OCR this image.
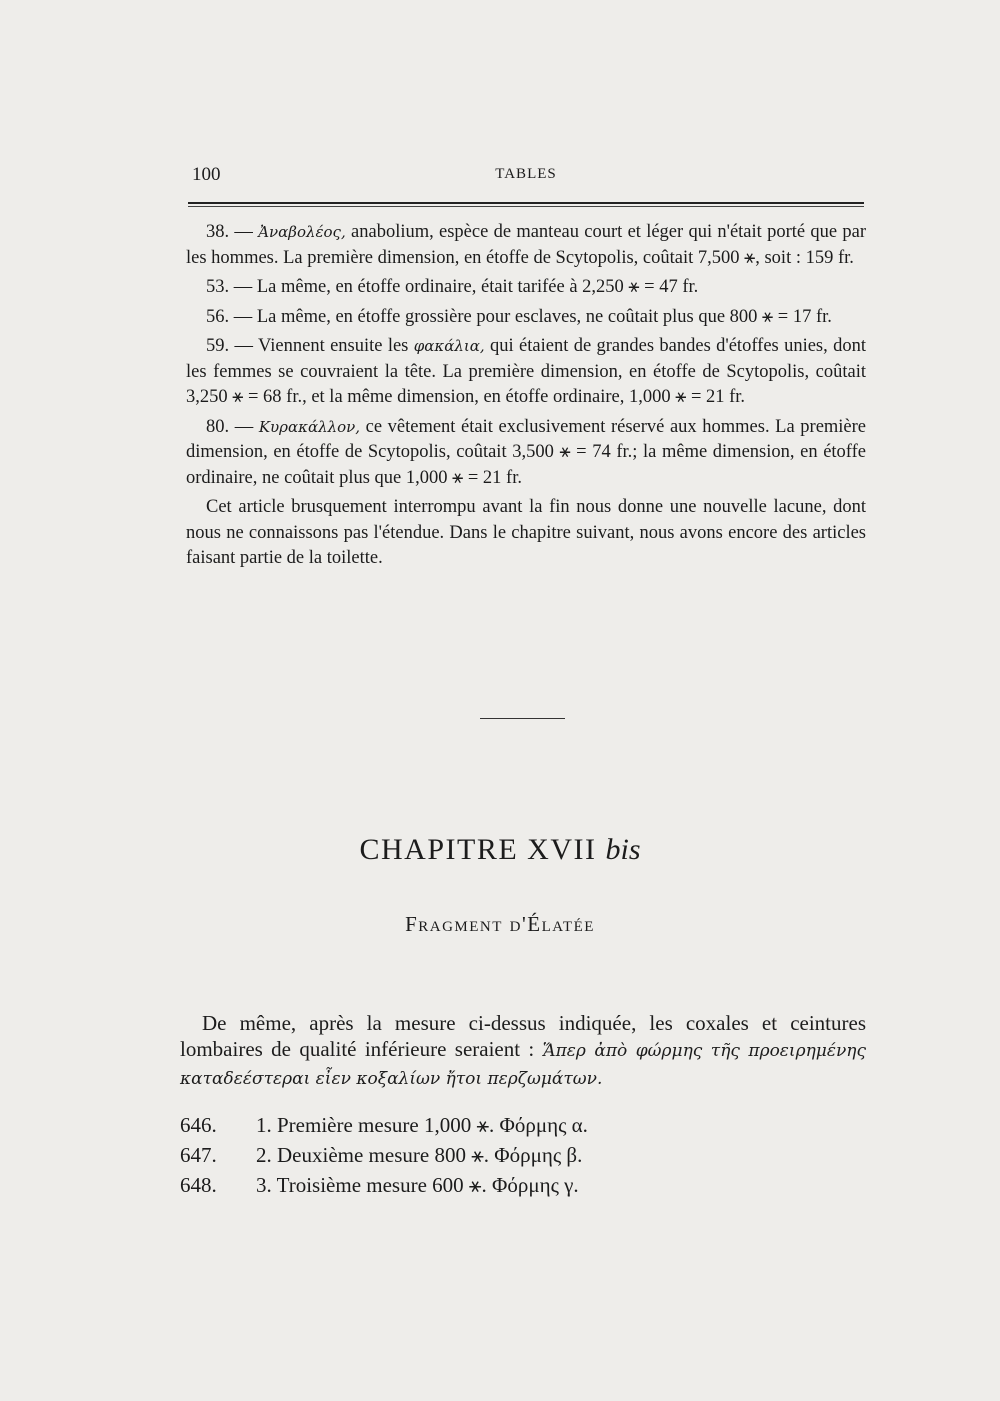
100	TABLES

38. — Ἀναβολέος, anabolium, espèce de manteau court et léger qui n'était porté que par les hommes. La première dimension, en étoffe de Scytopolis, coûtait 7,500 ⚹, soit : 159 fr.

53. — La même, en étoffe ordinaire, était tarifée à 2,250 ⚹ = 47 fr.

56. — La même, en étoffe grossière pour esclaves, ne coûtait plus que 800 ⚹ = 17 fr.

59. — Viennent ensuite les φακάλια, qui étaient de grandes bandes d'étoffes unies, dont les femmes se couvraient la tête. La première dimension, en étoffe de Scytopolis, coûtait 3,250 ⚹ = 68 fr., et la même dimension, en étoffe ordinaire, 1,000 ⚹ = 21 fr.

80. — Κυρακάλλον, ce vêtement était exclusivement réservé aux hommes. La première dimension, en étoffe de Scytopolis, coûtait 3,500 ⚹ = 74 fr.; la même dimension, en étoffe ordinaire, ne coûtait plus que 1,000 ⚹ = 21 fr.

Cet article brusquement interrompu avant la fin nous donne une nouvelle lacune, dont nous ne connaissons pas l'étendue. Dans le chapitre suivant, nous avons encore des articles faisant partie de la toilette.

CHAPITRE XVII bis
Fragment d'Élatée

De même, après la mesure ci-dessus indiquée, les coxales et ceintures lombaires de qualité inférieure seraient : Ἅπερ ἀπὸ φώρμης τῆς προειρημένης καταδεέστεραι εἶεν κοξαλίων ἤτοι περζωμάτων.

646. 1. Première mesure 1,000 ⚹. Φόρμης α.
647. 2. Deuxième mesure 800 ⚹. Φόρμης β.
648. 3. Troisième mesure 600 ⚹. Φόρμης γ.
